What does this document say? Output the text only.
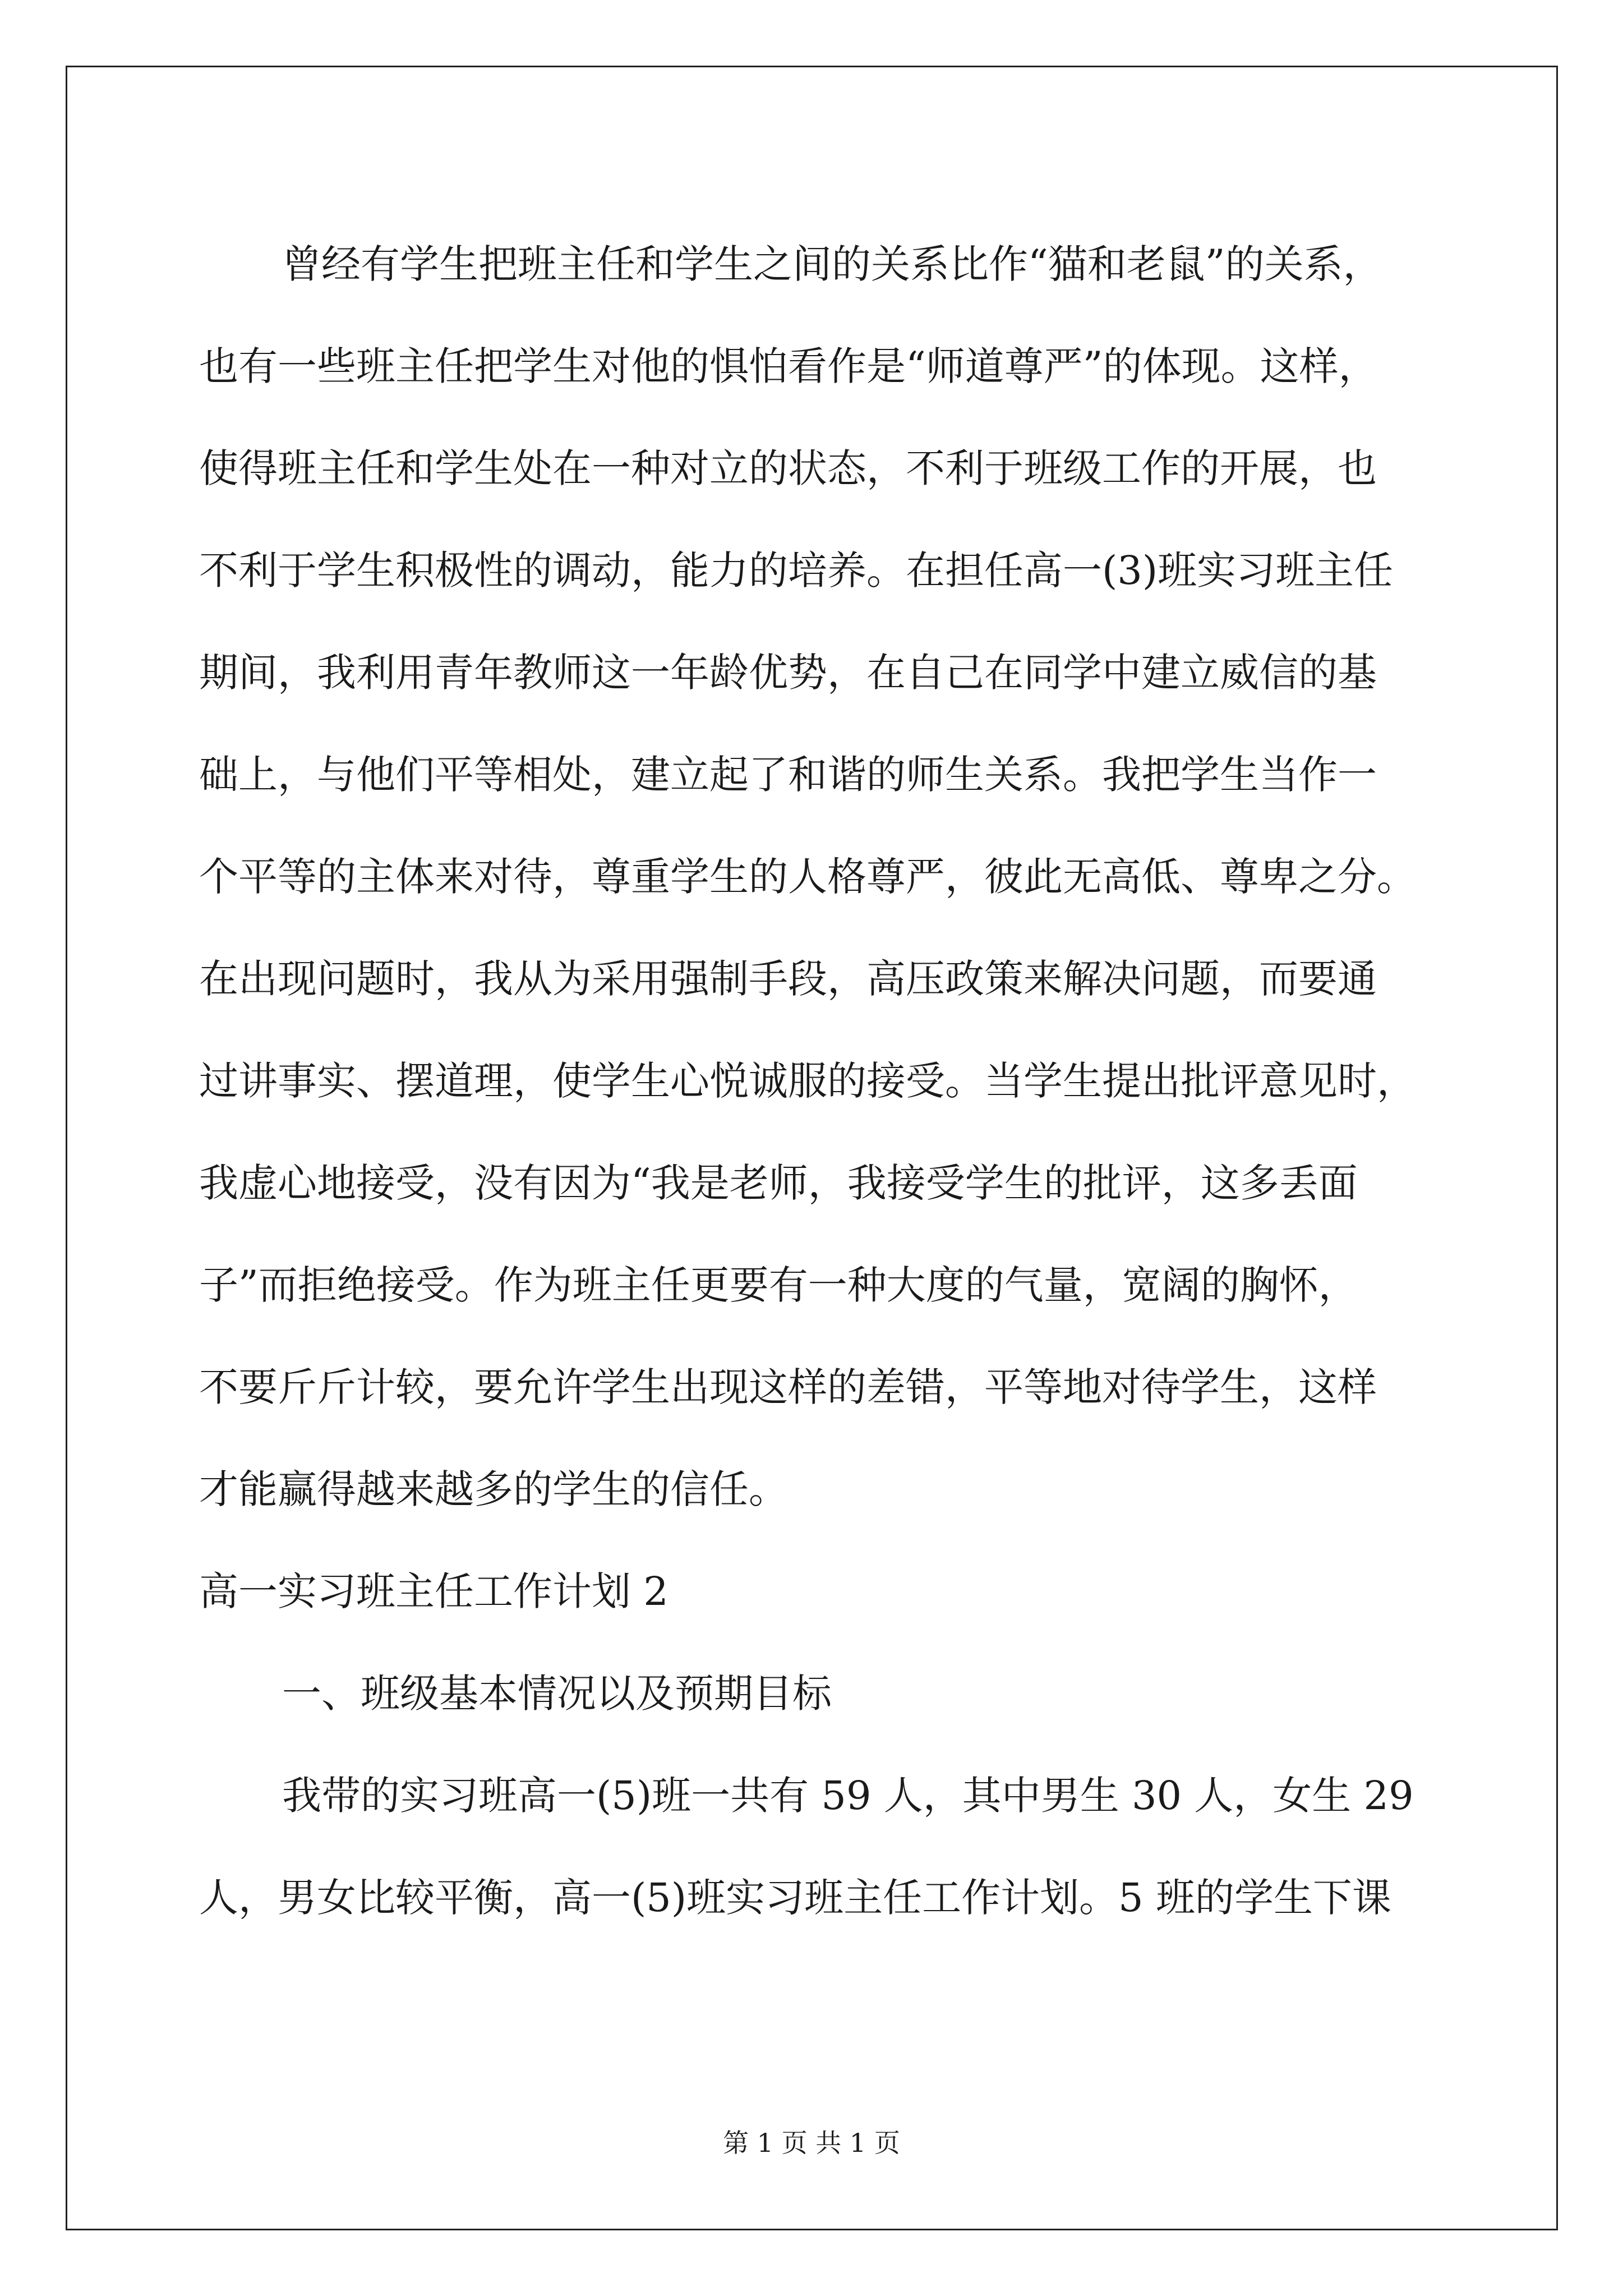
曾经有学生把班主任和学生之间的关系比作“猫和老鼠”的关系，
也有一些班主任把学生对他的惧怕看作是“师道尊严”的体现。这样，
使得班主任和学生处在一种对立的状态，不利于班级工作的开展，也
不利于学生积极性的调动，能力的培养。在担任高一(3)班实习班主任
期间，我利用青年教师这一年龄优势，在自己在同学中建立威信的基
础上，与他们平等相处，建立起了和谐的师生关系。我把学生当作一
个平等的主体来对待，尊重学生的人格尊严，彼此无高低、尊卑之分。
在出现问题时，我从为采用强制手段，高压政策来解决问题，而要通
过讲事实、摆道理，使学生心悦诚服的接受。当学生提出批评意见时，
我虚心地接受，没有因为“我是老师，我接受学生的批评，这多丢面
子”而拒绝接受。作为班主任更要有一种大度的气量，宽阔的胸怀，
不要斤斤计较，要允许学生出现这样的差错，平等地对待学生，这样
才能赢得越来越多的学生的信任。
高一实习班主任工作计划 2
一、班级基本情况以及预期目标
我带的实习班高一(5)班一共有 59 人，其中男生 30 人，女生 29
人，男女比较平衡，高一(5)班实习班主任工作计划。5 班的学生下课
第 1 页 共 1 页
